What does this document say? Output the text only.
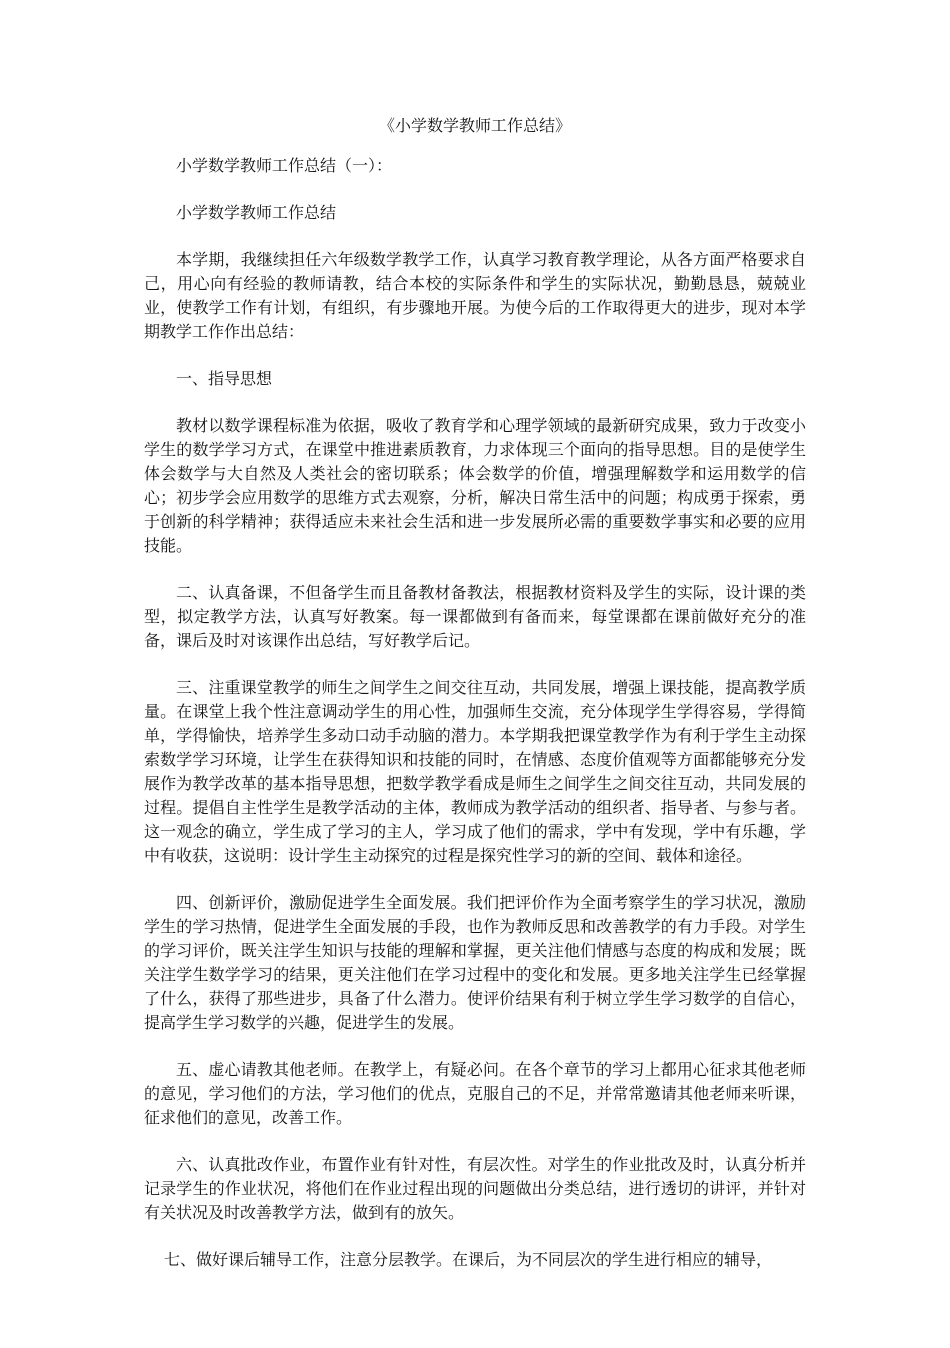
《小学数学教师工作总结》

小学数学教师工作总结（一）：

小学数学教师工作总结

本学期，我继续担任六年级数学教学工作，认真学习教育教学理论，从各方面严格要求自己，用心向有经验的教师请教，结合本校的实际条件和学生的实际状况，勤勤恳恳，兢兢业业，使教学工作有计划，有组织，有步骤地开展。为使今后的工作取得更大的进步，现对本学期教学工作作出总结：

一、指导思想

教材以数学课程标准为依据，吸收了教育学和心理学领域的最新研究成果，致力于改变小学生的数学学习方式，在课堂中推进素质教育，力求体现三个面向的指导思想。目的是使学生体会数学与大自然及人类社会的密切联系；体会数学的价值，增强理解数学和运用数学的信心；初步学会应用数学的思维方式去观察，分析，解决日常生活中的问题；构成勇于探索，勇于创新的科学精神；获得适应未来社会生活和进一步发展所必需的重要数学事实和必要的应用技能。

二、认真备课，不但备学生而且备教材备教法，根据教材资料及学生的实际，设计课的类型，拟定教学方法，认真写好教案。每一课都做到有备而来，每堂课都在课前做好充分的准备，课后及时对该课作出总结，写好教学后记。

三、注重课堂教学的师生之间学生之间交往互动，共同发展，增强上课技能，提高教学质量。在课堂上我个性注意调动学生的用心性，加强师生交流，充分体现学生学得容易，学得简单，学得愉快，培养学生多动口动手动脑的潜力。本学期我把课堂教学作为有利于学生主动探索数学学习环境，让学生在获得知识和技能的同时，在情感、态度价值观等方面都能够充分发展作为教学改革的基本指导思想，把数学教学看成是师生之间学生之间交往互动，共同发展的过程。提倡自主性学生是教学活动的主体，教师成为教学活动的组织者、指导者、与参与者。这一观念的确立，学生成了学习的主人，学习成了他们的需求，学中有发现，学中有乐趣，学中有收获，这说明：设计学生主动探究的过程是探究性学习的新的空间、载体和途径。

四、创新评价，激励促进学生全面发展。我们把评价作为全面考察学生的学习状况，激励学生的学习热情，促进学生全面发展的手段，也作为教师反思和改善教学的有力手段。对学生的学习评价，既关注学生知识与技能的理解和掌握，更关注他们情感与态度的构成和发展；既关注学生数学学习的结果，更关注他们在学习过程中的变化和发展。更多地关注学生已经掌握了什么，获得了那些进步，具备了什么潜力。使评价结果有利于树立学生学习数学的自信心，提高学生学习数学的兴趣，促进学生的发展。

五、虚心请教其他老师。在教学上，有疑必问。在各个章节的学习上都用心征求其他老师的意见，学习他们的方法，学习他们的优点，克服自己的不足，并常常邀请其他老师来听课，征求他们的意见，改善工作。

六、认真批改作业，布置作业有针对性，有层次性。对学生的作业批改及时，认真分析并记录学生的作业状况，将他们在作业过程出现的问题做出分类总结，进行透切的讲评，并针对有关状况及时改善教学方法，做到有的放矢。

七、做好课后辅导工作，注意分层教学。在课后，为不同层次的学生进行相应的辅导，
